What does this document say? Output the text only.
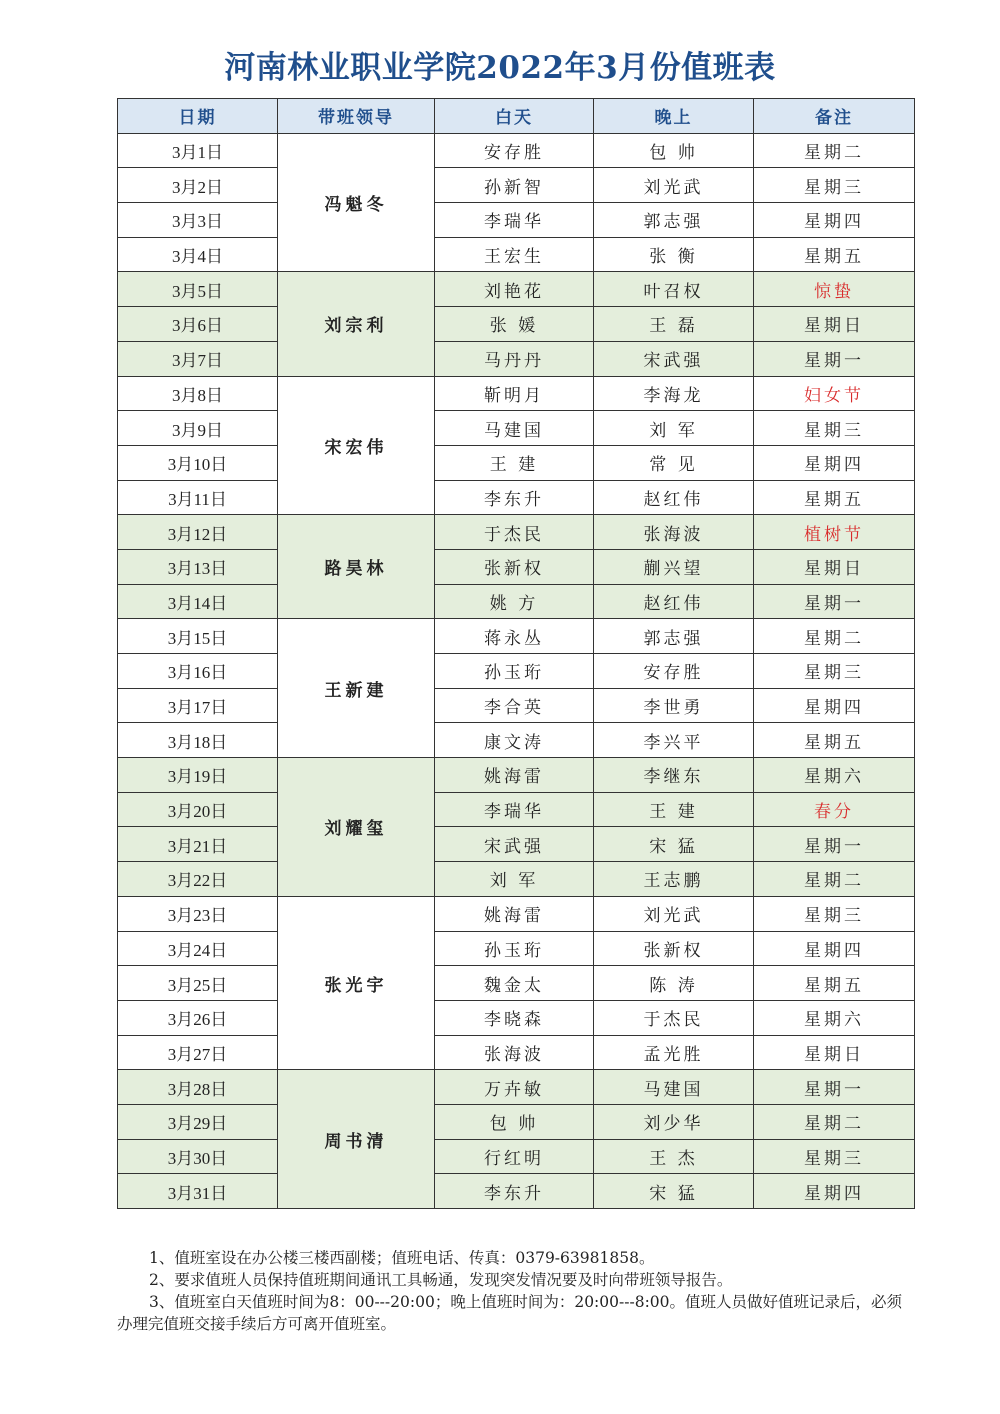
河南林业职业学院2022年3月份值班表
日期	带班领导	白天	晚上	备注
3月1日	冯魁冬	安存胜	包 帅	星期二
3月2日		孙新智	刘光武	星期三
3月3日		李瑞华	郭志强	星期四
3月4日		王宏生	张 衡	星期五
3月5日	刘宗利	刘艳花	叶召权	惊蛰
3月6日		张 媛	王 磊	星期日
3月7日		马丹丹	宋武强	星期一
3月8日	宋宏伟	靳明月	李海龙	妇女节
3月9日		马建国	刘 军	星期三
3月10日		王 建	常 见	星期四
3月11日		李东升	赵红伟	星期五
3月12日	路昊林	于杰民	张海波	植树节
3月13日		张新权	蒯兴望	星期日
3月14日		姚 方	赵红伟	星期一
3月15日	王新建	蒋永丛	郭志强	星期二
3月16日		孙玉珩	安存胜	星期三
3月17日		李合英	李世勇	星期四
3月18日		康文涛	李兴平	星期五
3月19日	刘耀玺	姚海雷	李继东	星期六
3月20日		李瑞华	王 建	春分
3月21日		宋武强	宋 猛	星期一
3月22日		刘 军	王志鹏	星期二
3月23日	张光宇	姚海雷	刘光武	星期三
3月24日		孙玉珩	张新权	星期四
3月25日		魏金太	陈 涛	星期五
3月26日		李晓森	于杰民	星期六
3月27日		张海波	孟光胜	星期日
3月28日	周书清	万卉敏	马建国	星期一
3月29日		包 帅	刘少华	星期二
3月30日		行红明	王 杰	星期三
3月31日		李东升	宋 猛	星期四

1、值班室设在办公楼三楼西副楼；值班电话、传真：0379-63981858。

2、要求值班人员保持值班期间通讯工具畅通，发现突发情况要及时向带班领导报告。

3、值班室白天值班时间为8：00---20:00；晚上值班时间为：20:00---8:00。值班人员做好值班记录后，必须办理完值班交接手续后方可离开值班室。
